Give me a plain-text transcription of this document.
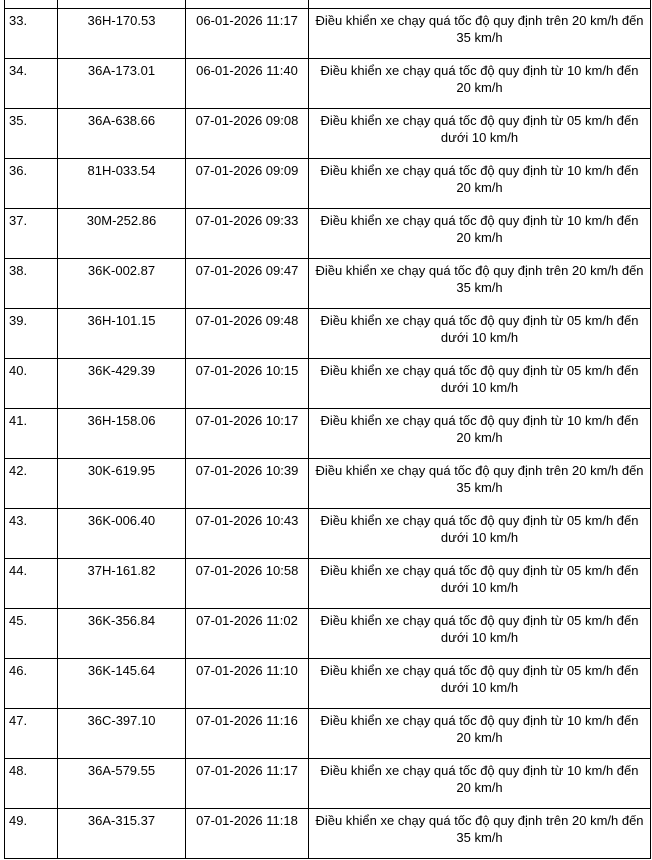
33.	36H-170.53	06-01-2026 11:17	Điều khiển xe chạy quá tốc độ quy định trên 20 km/h đến 35 km/h
34.	36A-173.01	06-01-2026 11:40	Điều khiển xe chạy quá tốc độ quy định từ 10 km/h đến 20 km/h
35.	36A-638.66	07-01-2026 09:08	Điều khiển xe chạy quá tốc độ quy định từ 05 km/h đến dưới 10 km/h
36.	81H-033.54	07-01-2026 09:09	Điều khiển xe chạy quá tốc độ quy định từ 10 km/h đến 20 km/h
37.	30M-252.86	07-01-2026 09:33	Điều khiển xe chạy quá tốc độ quy định từ 10 km/h đến 20 km/h
38.	36K-002.87	07-01-2026 09:47	Điều khiển xe chạy quá tốc độ quy định trên 20 km/h đến 35 km/h
39.	36H-101.15	07-01-2026 09:48	Điều khiển xe chạy quá tốc độ quy định từ 05 km/h đến dưới 10 km/h
40.	36K-429.39	07-01-2026 10:15	Điều khiển xe chạy quá tốc độ quy định từ 05 km/h đến dưới 10 km/h
41.	36H-158.06	07-01-2026 10:17	Điều khiển xe chạy quá tốc độ quy định từ 10 km/h đến 20 km/h
42.	30K-619.95	07-01-2026 10:39	Điều khiển xe chạy quá tốc độ quy định trên 20 km/h đến 35 km/h
43.	36K-006.40	07-01-2026 10:43	Điều khiển xe chạy quá tốc độ quy định từ 05 km/h đến dưới 10 km/h
44.	37H-161.82	07-01-2026 10:58	Điều khiển xe chạy quá tốc độ quy định từ 05 km/h đến dưới 10 km/h
45.	36K-356.84	07-01-2026 11:02	Điều khiển xe chạy quá tốc độ quy định từ 05 km/h đến dưới 10 km/h
46.	36K-145.64	07-01-2026 11:10	Điều khiển xe chạy quá tốc độ quy định từ 05 km/h đến dưới 10 km/h
47.	36C-397.10	07-01-2026 11:16	Điều khiển xe chạy quá tốc độ quy định từ 10 km/h đến 20 km/h
48.	36A-579.55	07-01-2026 11:17	Điều khiển xe chạy quá tốc độ quy định từ 10 km/h đến 20 km/h
49.	36A-315.37	07-01-2026 11:18	Điều khiển xe chạy quá tốc độ quy định trên 20 km/h đến 35 km/h
